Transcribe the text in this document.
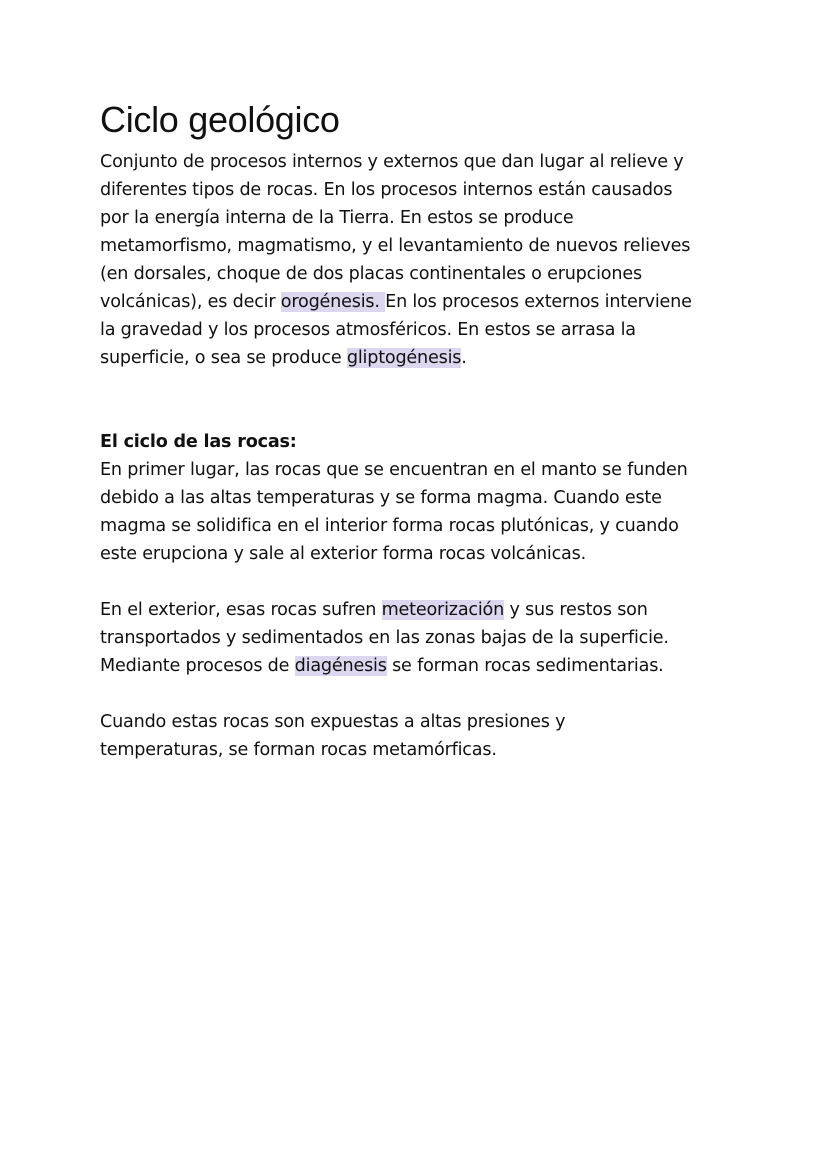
Ciclo geológico
Conjunto de procesos internos y externos que dan lugar al relieve y
diferentes tipos de rocas. En los procesos internos están causados
por la energía interna de la Tierra. En estos se produce
metamorfismo, magmatismo, y el levantamiento de nuevos relieves
(en dorsales, choque de dos placas continentales o erupciones
volcánicas), es decir orogénesis. En los procesos externos interviene
la gravedad y los procesos atmosféricos. En estos se arrasa la
superficie, o sea se produce gliptogénesis.
El ciclo de las rocas:
En primer lugar, las rocas que se encuentran en el manto se funden
debido a las altas temperaturas y se forma magma. Cuando este
magma se solidifica en el interior forma rocas plutónicas, y cuando
este erupciona y sale al exterior forma rocas volcánicas.
En el exterior, esas rocas sufren meteorización y sus restos son
transportados y sedimentados en las zonas bajas de la superficie.
Mediante procesos de diagénesis se forman rocas sedimentarias.
Cuando estas rocas son expuestas a altas presiones y
temperaturas, se forman rocas metamórficas.
